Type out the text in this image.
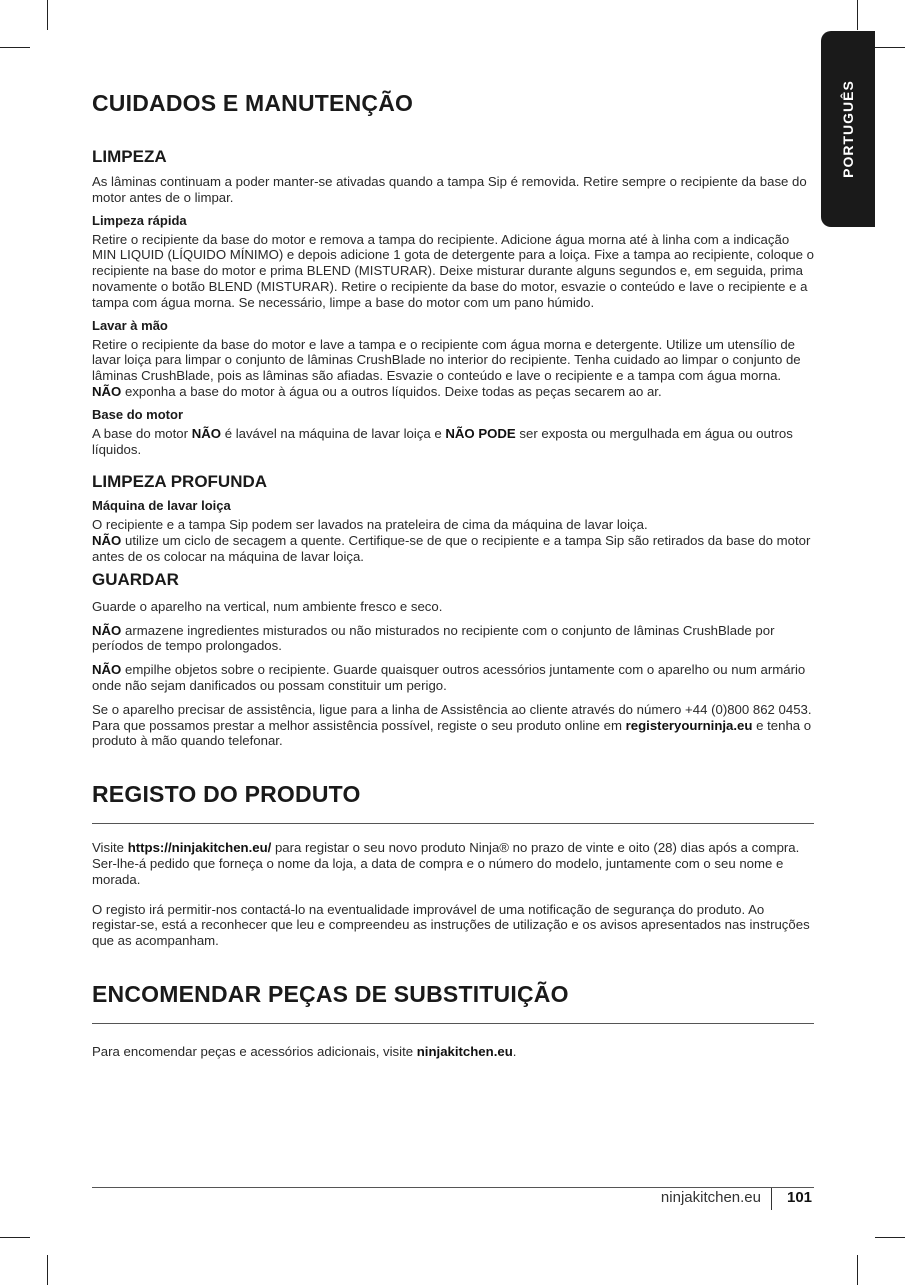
PORTUGUÊS
CUIDADOS E MANUTENÇÃO
LIMPEZA

As lâminas continuam a poder manter-se ativadas quando a tampa Sip é removida. Retire sempre o recipiente da base do motor antes de o limpar.

Limpeza rápida

Retire o recipiente da base do motor e remova a tampa do recipiente. Adicione água morna até à linha com a indicação MIN LIQUID (LÍQUIDO MÍNIMO) e depois adicione 1 gota de detergente para a loiça. Fixe a tampa ao recipiente, coloque o recipiente na base do motor e prima BLEND (MISTURAR). Deixe misturar durante alguns segundos e, em seguida, prima novamente o botão BLEND (MISTURAR). Retire o recipiente da base do motor, esvazie o conteúdo e lave o recipiente e a tampa com água morna. Se necessário, limpe a base do motor com um pano húmido.

Lavar à mão

Retire o recipiente da base do motor e lave a tampa e o recipiente com água morna e detergente. Utilize um utensílio de lavar loiça para limpar o conjunto de lâminas CrushBlade no interior do recipiente. Tenha cuidado ao limpar o conjunto de lâminas CrushBlade, pois as lâminas são afiadas. Esvazie o conteúdo e lave o recipiente e a tampa com água morna. NÃO exponha a base do motor à água ou a outros líquidos. Deixe todas as peças secarem ao ar.

Base do motor

A base do motor NÃO é lavável na máquina de lavar loiça e NÃO PODE ser exposta ou mergulhada em água ou outros líquidos.

LIMPEZA PROFUNDA
Máquina de lavar loiça

O recipiente e a tampa Sip podem ser lavados na prateleira de cima da máquina de lavar loiça.
NÃO utilize um ciclo de secagem a quente. Certifique-se de que o recipiente e a tampa Sip são retirados da base do motor antes de os colocar na máquina de lavar loiça.

GUARDAR

Guarde o aparelho na vertical, num ambiente fresco e seco.

NÃO armazene ingredientes misturados ou não misturados no recipiente com o conjunto de lâminas CrushBlade por períodos de tempo prolongados.

NÃO empilhe objetos sobre o recipiente. Guarde quaisquer outros acessórios juntamente com o aparelho ou num armário onde não sejam danificados ou possam constituir um perigo.

Se o aparelho precisar de assistência, ligue para a linha de Assistência ao cliente através do número +44 (0)800 862 0453. Para que possamos prestar a melhor assistência possível, registe o seu produto online em registeryourninja.eu e tenha o produto à mão quando telefonar.

REGISTO DO PRODUTO

Visite https://ninjakitchen.eu/ para registar o seu novo produto Ninja® no prazo de vinte e oito (28) dias após a compra. Ser-lhe-á pedido que forneça o nome da loja, a data de compra e o número do modelo, juntamente com o seu nome e morada.

O registo irá permitir-nos contactá-lo na eventualidade improvável de uma notificação de segurança do produto. Ao registar-se, está a reconhecer que leu e compreendeu as instruções de utilização e os avisos apresentados nas instruções que as acompanham.

ENCOMENDAR PEÇAS DE SUBSTITUIÇÃO

Para encomendar peças e acessórios adicionais, visite ninjakitchen.eu.

ninjakitchen.eu 101
